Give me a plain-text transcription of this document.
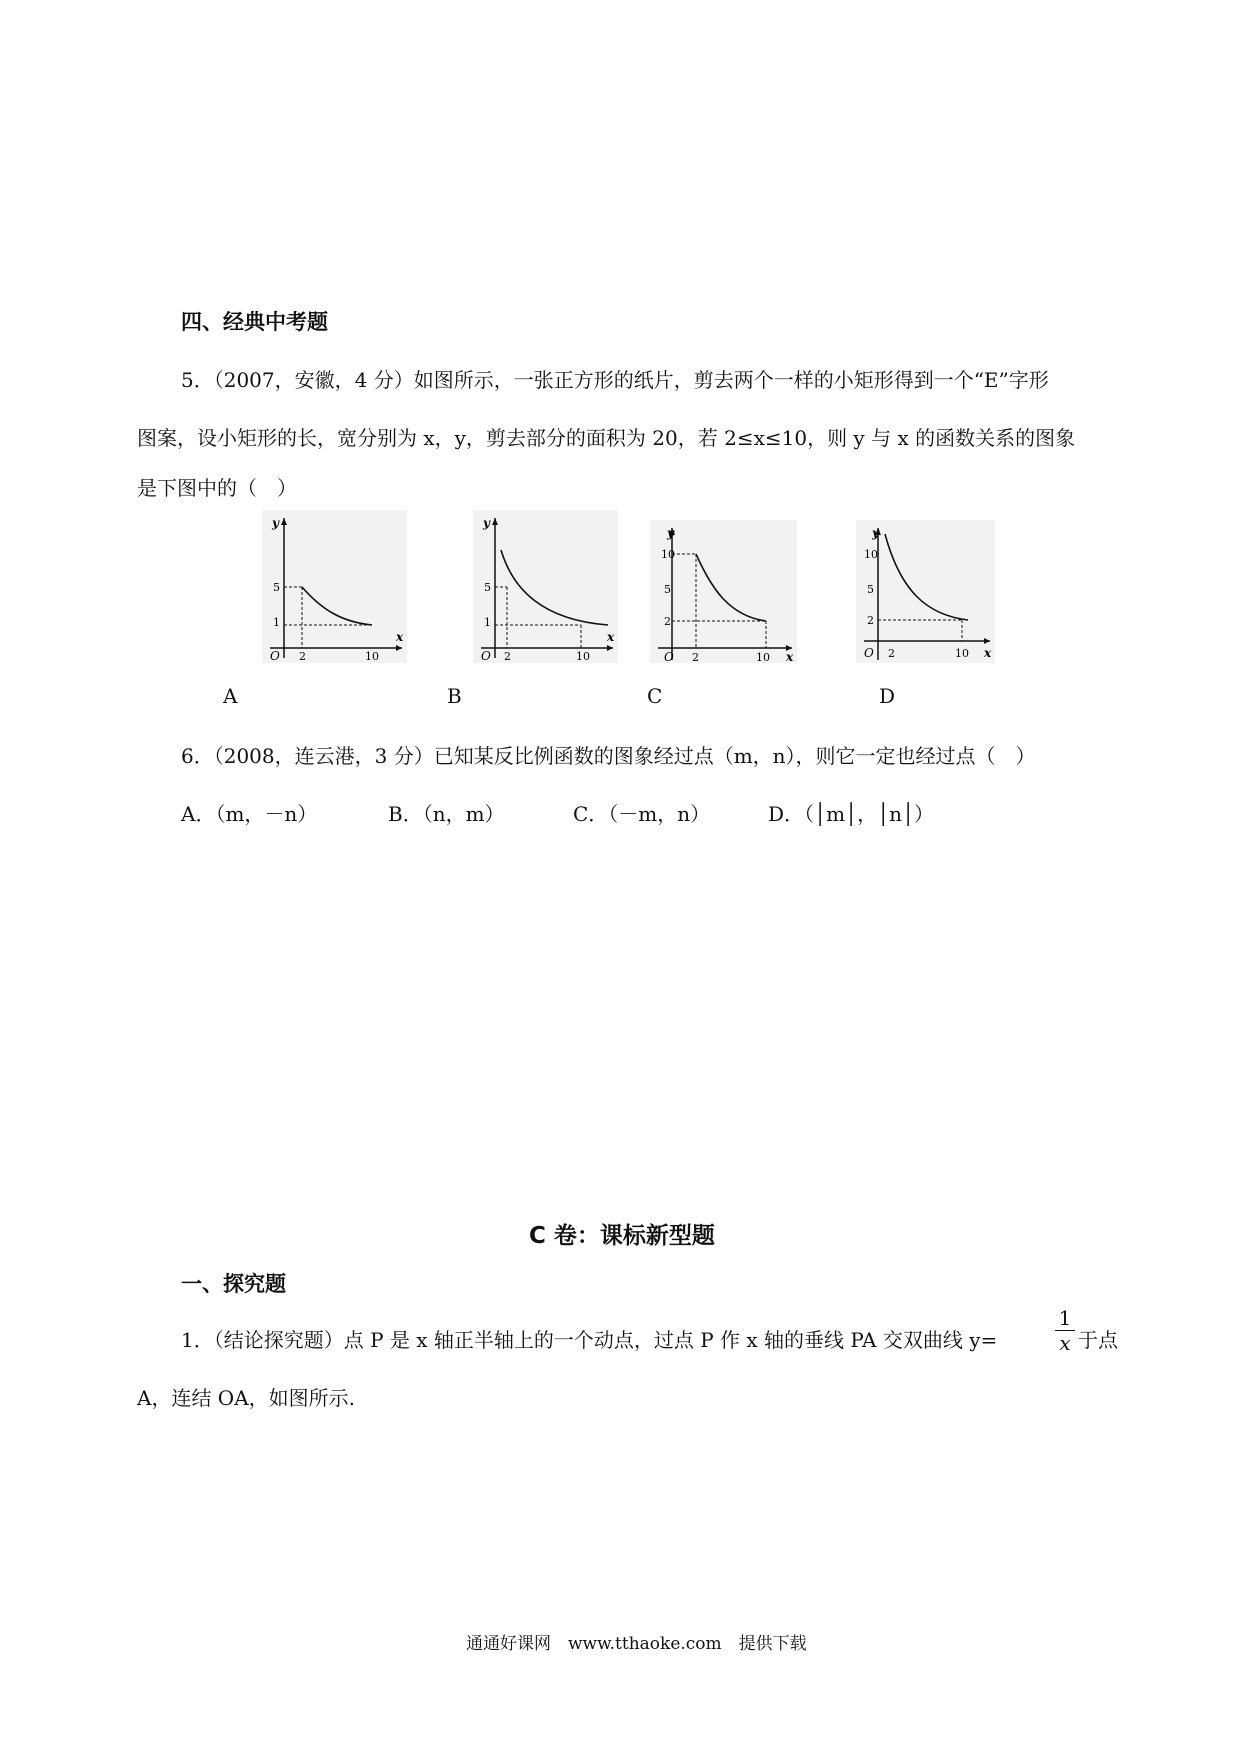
四、经典中考题
5．（2007，安徽，4 分）如图所示，一张正方形的纸片，剪去两个一样的小矩形得到一个“E”字形
图案，设小矩形的长，宽分别为 x，y，剪去部分的面积为 20，若 2≤x≤10，则 y 与 x 的函数关系的图象
是下图中的（　）
y
x
O 2	10
5
1
y
x
O 2	10
5
1
y
x
O 2	10
10
5
2
y
x
O 2	10
10
5
2
A	B	C	D
6．（2008，连云港，3 分）已知某反比例函数的图象经过点（m，n），则它一定也经过点（　）
A．（m，－n）	B．（n，m）	C．（－m，n）	D．（│m│，│n│）
C 卷：课标新型题
一、探究题
1．（结论探究题）点 P 是 x 轴正半轴上的一个动点，过点 P 作 x 轴的垂线 PA 交双曲线 y=
1
x 于点
A，连结 OA，如图所示.
通通好课网　www.tthaoke.com　提供下载
